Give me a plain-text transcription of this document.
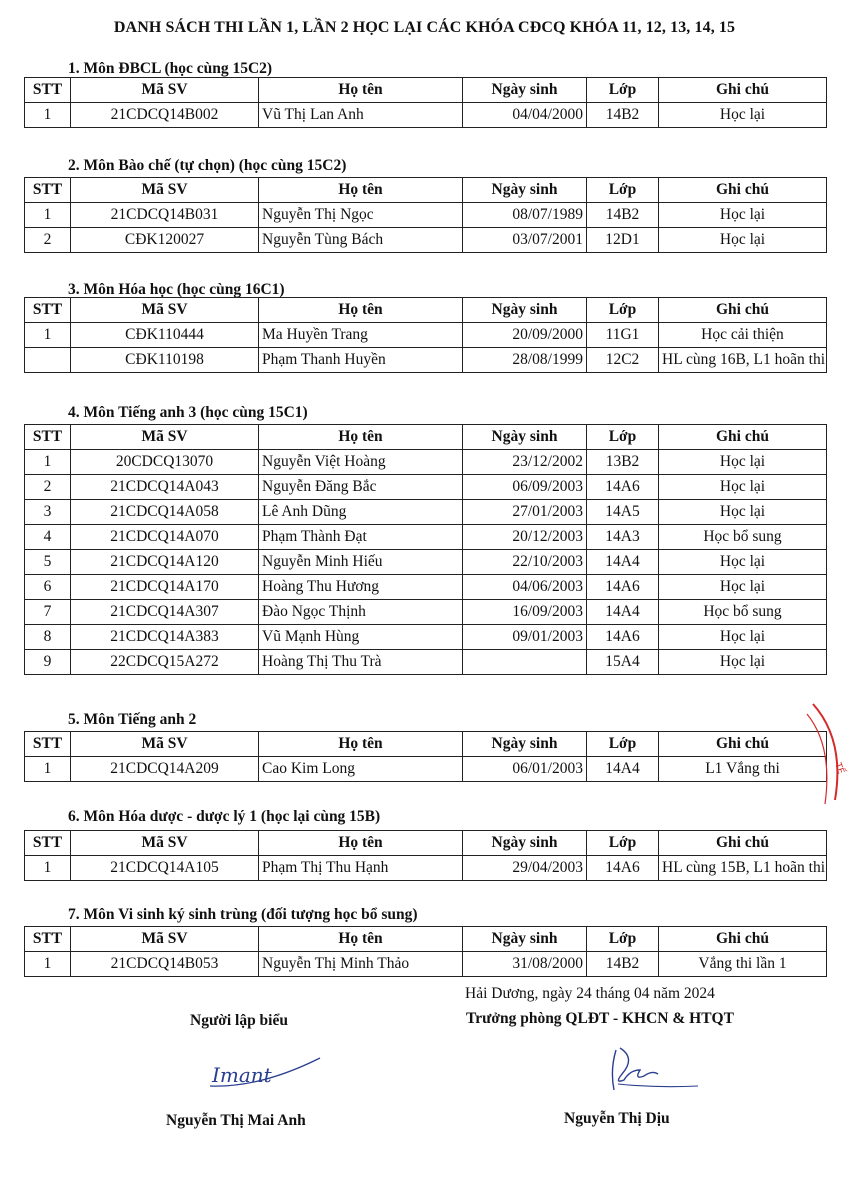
DANH SÁCH THI LẦN 1, LẦN 2 HỌC LẠI CÁC KHÓA CĐCQ KHÓA 11, 12, 13, 14, 15
1. Môn ĐBCL (học cùng 15C2)
STT	Mã SV	Họ tên	Ngày sinh	Lớp	Ghi chú
1	21CDCQ14B002	Vũ Thị Lan Anh	04/04/2000	14B2	Học lại
2. Môn Bào chế (tự chọn) (học cùng 15C2)
STT	Mã SV	Họ tên	Ngày sinh	Lớp	Ghi chú
1	21CDCQ14B031	Nguyễn Thị Ngọc	08/07/1989	14B2	Học lại
2	CĐK120027	Nguyễn Tùng Bách	03/07/2001	12D1	Học lại
3. Môn Hóa học (học cùng 16C1)
STT	Mã SV	Họ tên	Ngày sinh	Lớp	Ghi chú
1	CĐK110444	Ma Huyền Trang	20/09/2000	11G1	Học cải thiện
	CĐK110198	Phạm Thanh Huyền	28/08/1999	12C2	HL cùng 16B, L1 hoãn thi
4. Môn Tiếng anh 3 (học cùng 15C1)
STT	Mã SV	Họ tên	Ngày sinh	Lớp	Ghi chú
1	20CDCQ13070	Nguyễn Việt Hoàng	23/12/2002	13B2	Học lại
2	21CDCQ14A043	Nguyễn Đăng Bắc	06/09/2003	14A6	Học lại
3	21CDCQ14A058	Lê Anh Dũng	27/01/2003	14A5	Học lại
4	21CDCQ14A070	Phạm Thành Đạt	20/12/2003	14A3	Học bổ sung
5	21CDCQ14A120	Nguyễn Minh Hiếu	22/10/2003	14A4	Học lại
6	21CDCQ14A170	Hoàng Thu Hương	04/06/2003	14A6	Học lại
7	21CDCQ14A307	Đào Ngọc Thịnh	16/09/2003	14A4	Học bổ sung
8	21CDCQ14A383	Vũ Mạnh Hùng	09/01/2003	14A6	Học lại
9	22CDCQ15A272	Hoàng Thị Thu Trà		15A4	Học lại
5. Môn Tiếng anh 2
STT	Mã SV	Họ tên	Ngày sinh	Lớp	Ghi chú
1	21CDCQ14A209	Cao Kim Long	06/01/2003	14A4	L1 Vắng thi
6. Môn Hóa dược - dược lý 1 (học lại cùng 15B)
STT	Mã SV	Họ tên	Ngày sinh	Lớp	Ghi chú
1	21CDCQ14A105	Phạm Thị Thu Hạnh	29/04/2003	14A6	HL cùng 15B, L1 hoãn thi
7. Môn Vi sinh ký sinh trùng (đối tượng học bổ sung)
STT	Mã SV	Họ tên	Ngày sinh	Lớp	Ghi chú
1	21CDCQ14B053	Nguyễn Thị Minh Thảo	31/08/2000	14B2	Vắng thi lần 1
Hải Dương, ngày 24 tháng 04 năm 2024
Người lập biểu	Trưởng phòng QLĐT - KHCN & HTQT
Imant
Nguyễn Thị Mai Anh	Nguyễn Thị Dịu
TẾ
